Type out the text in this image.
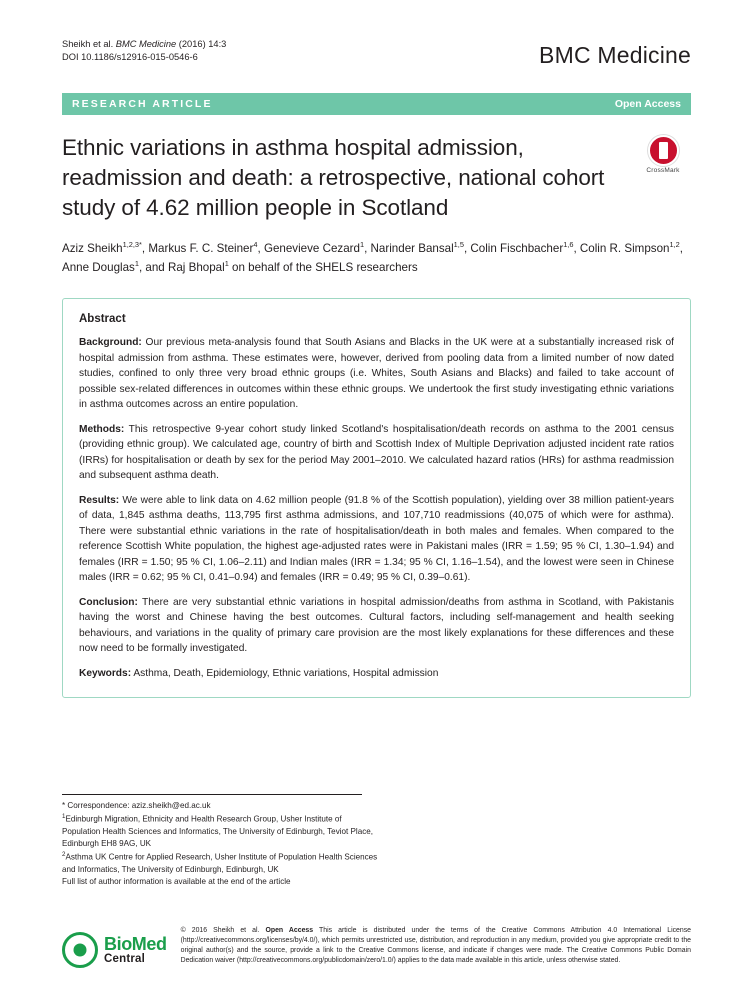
Sheikh et al. BMC Medicine (2016) 14:3
DOI 10.1186/s12916-015-0546-6	BMC Medicine
RESEARCH ARTICLE	Open Access
Ethnic variations in asthma hospital admission, readmission and death: a retrospective, national cohort study of 4.62 million people in Scotland
CrossMark
Aziz Sheikh$^{1,2,3*}$, Markus F. C. Steiner$^4$, Genevieve Cezard$^1$, Narinder Bansal$^{1,5}$, Colin Fischbacher$^{1,6}$, Colin R. Simpson$^{1,2}$, Anne Douglas$^1$, and Raj Bhopal$^1$ on behalf of the SHELS researchers
Abstract

Background: Our previous meta-analysis found that South Asians and Blacks in the UK were at a substantially increased risk of hospital admission from asthma. These estimates were, however, derived from pooling data from a limited number of now dated studies, confined to only three very broad ethnic groups (i.e. Whites, South Asians and Blacks) and failed to take account of possible sex-related differences in outcomes within these ethnic groups. We undertook the first study investigating ethnic variations in asthma outcomes across an entire population.

Methods: This retrospective 9-year cohort study linked Scotland's hospitalisation/death records on asthma to the 2001 census (providing ethnic group). We calculated age, country of birth and Scottish Index of Multiple Deprivation adjusted incident rate ratios (IRRs) for hospitalisation or death by sex for the period May 2001–2010. We calculated hazard ratios (HRs) for asthma readmission and subsequent asthma death.

Results: We were able to link data on 4.62 million people (91.8 % of the Scottish population), yielding over 38 million patient-years of data, 1,845 asthma deaths, 113,795 first asthma admissions, and 107,710 readmissions (40,075 of which were for asthma). There were substantial ethnic variations in the rate of hospitalisation/death in both males and females. When compared to the reference Scottish White population, the highest age-adjusted rates were in Pakistani males (IRR = 1.59; 95 % CI, 1.30–1.94) and females (IRR = 1.50; 95 % CI, 1.06–2.11) and Indian males (IRR = 1.34; 95 % CI, 1.16–1.54), and the lowest were seen in Chinese males (IRR = 0.62; 95 % CI, 0.41–0.94) and females (IRR = 0.49; 95 % CI, 0.39–0.61).

Conclusion: There are very substantial ethnic variations in hospital admission/deaths from asthma in Scotland, with Pakistanis having the worst and Chinese having the best outcomes. Cultural factors, including self-management and health seeking behaviours, and variations in the quality of primary care provision are the most likely explanations for these differences and these now need to be formally investigated.

Keywords: Asthma, Death, Epidemiology, Ethnic variations, Hospital admission

* Correspondence: aziz.sheikh@ed.ac.uk
$^1$Edinburgh Migration, Ethnicity and Health Research Group, Usher Institute of Population Health Sciences and Informatics, The University of Edinburgh, Teviot Place, Edinburgh EH8 9AG, UK
$^2$Asthma UK Centre for Applied Research, Usher Institute of Population Health Sciences and Informatics, The University of Edinburgh, Edinburgh, UK
Full list of author information is available at the end of the article
BioMed
Central
© 2016 Sheikh et al. Open Access This article is distributed under the terms of the Creative Commons Attribution 4.0 International License (http://creativecommons.org/licenses/by/4.0/), which permits unrestricted use, distribution, and reproduction in any medium, provided you give appropriate credit to the original author(s) and the source, provide a link to the Creative Commons license, and indicate if changes were made. The Creative Commons Public Domain Dedication waiver (http://creativecommons.org/publicdomain/zero/1.0/) applies to the data made available in this article, unless otherwise stated.
